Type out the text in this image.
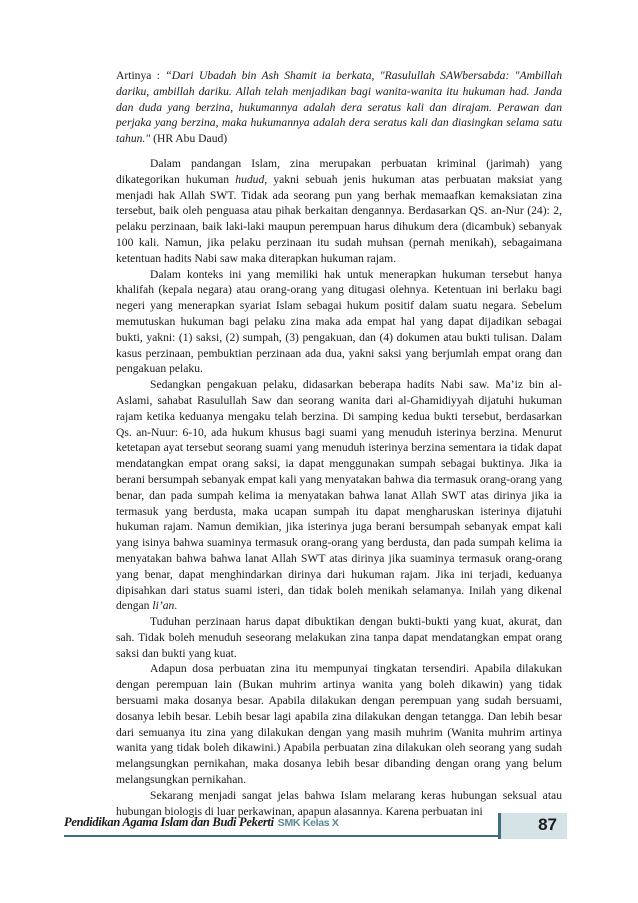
Artinya : “Dari Ubadah bin Ash Shamit ia berkata, "Rasulullah SAWbersabda: "Ambillah dariku, ambillah dariku. Allah telah menjadikan bagi wanita-wanita itu hukuman had. Janda dan duda yang berzina, hukumannya adalah dera seratus kali dan dirajam. Perawan dan perjaka yang berzina, maka hukumannya adalah dera seratus kali dan diasingkan selama satu tahun." (HR Abu Daud)

Dalam pandangan Islam, zina merupakan perbuatan kriminal (jarimah) yang dikategorikan hukuman hudud, yakni sebuah jenis hukuman atas perbuatan maksiat yang menjadi hak Allah SWT. Tidak ada seorang pun yang berhak memaafkan kemaksiatan zina tersebut, baik oleh penguasa atau pihak berkaitan dengannya. Berdasarkan QS. an-Nur (24): 2, pelaku perzinaan, baik laki-laki maupun perempuan harus dihukum dera (dicambuk) sebanyak 100 kali. Namun, jika pelaku perzinaan itu sudah muhsan (pernah menikah), sebagaimana ketentuan hadits Nabi saw maka diterapkan hukuman rajam.

Dalam konteks ini yang memiliki hak untuk menerapkan hukuman tersebut hanya khalifah (kepala negara) atau orang-orang yang ditugasi olehnya. Ketentuan ini berlaku bagi negeri yang menerapkan syariat Islam sebagai hukum positif dalam suatu negara. Sebelum memutuskan hukuman bagi pelaku zina maka ada empat hal yang dapat dijadikan sebagai bukti, yakni: (1) saksi, (2) sumpah, (3) pengakuan, dan (4) dokumen atau bukti tulisan. Dalam kasus perzinaan, pembuktian perzinaan ada dua, yakni saksi yang berjumlah empat orang dan pengakuan pelaku.

Sedangkan pengakuan pelaku, didasarkan beberapa hadits Nabi saw. Ma’iz bin al-Aslami, sahabat Rasulullah Saw dan seorang wanita dari al-Ghamidiyyah dijatuhi hukuman rajam ketika keduanya mengaku telah berzina. Di samping kedua bukti tersebut, berdasarkan Qs. an-Nuur: 6-10, ada hukum khusus bagi suami yang menuduh isterinya berzina. Menurut ketetapan ayat tersebut seorang suami yang menuduh isterinya berzina sementara ia tidak dapat mendatangkan empat orang saksi, ia dapat menggunakan sumpah sebagai buktinya. Jika ia berani bersumpah sebanyak empat kali yang menyatakan bahwa dia termasuk orang-orang yang benar, dan pada sumpah kelima ia menyatakan bahwa lanat Allah SWT atas dirinya jika ia termasuk yang berdusta, maka ucapan sumpah itu dapat mengharuskan isterinya dijatuhi hukuman rajam. Namun demikian, jika isterinya juga berani bersumpah sebanyak empat kali yang isinya bahwa suaminya termasuk orang-orang yang berdusta, dan pada sumpah kelima ia menyatakan bahwa bahwa lanat Allah SWT atas dirinya jika suaminya termasuk orang-orang yang benar, dapat menghindarkan dirinya dari hukuman rajam. Jika ini terjadi, keduanya dipisahkan dari status suami isteri, dan tidak boleh menikah selamanya. Inilah yang dikenal dengan li’an.

Tuduhan perzinaan harus dapat dibuktikan dengan bukti-bukti yang kuat, akurat, dan sah. Tidak boleh menuduh seseorang melakukan zina tanpa dapat mendatangkan empat orang saksi dan bukti yang kuat.

Adapun dosa perbuatan zina itu mempunyai tingkatan tersendiri. Apabila dilakukan dengan perempuan lain (Bukan muhrim artinya wanita yang boleh dikawin) yang tidak bersuami maka dosanya besar. Apabila dilakukan dengan perempuan yang sudah bersuami, dosanya lebih besar. Lebih besar lagi apabila zina dilakukan dengan tetangga. Dan lebih besar dari semuanya itu zina yang dilakukan dengan yang masih muhrim (Wanita muhrim artinya wanita yang tidak boleh dikawini.) Apabila perbuatan zina dilakukan oleh seorang yang sudah melangsungkan pernikahan, maka dosanya lebih besar dibanding dengan orang yang belum melangsungkan pernikahan.

Sekarang menjadi sangat jelas bahwa Islam melarang keras hubungan seksual atau hubungan biologis di luar perkawinan, apapun alasannya. Karena perbuatan ini

Pendidikan Agama Islam dan Budi Pekerti SMK Kelas X	87
